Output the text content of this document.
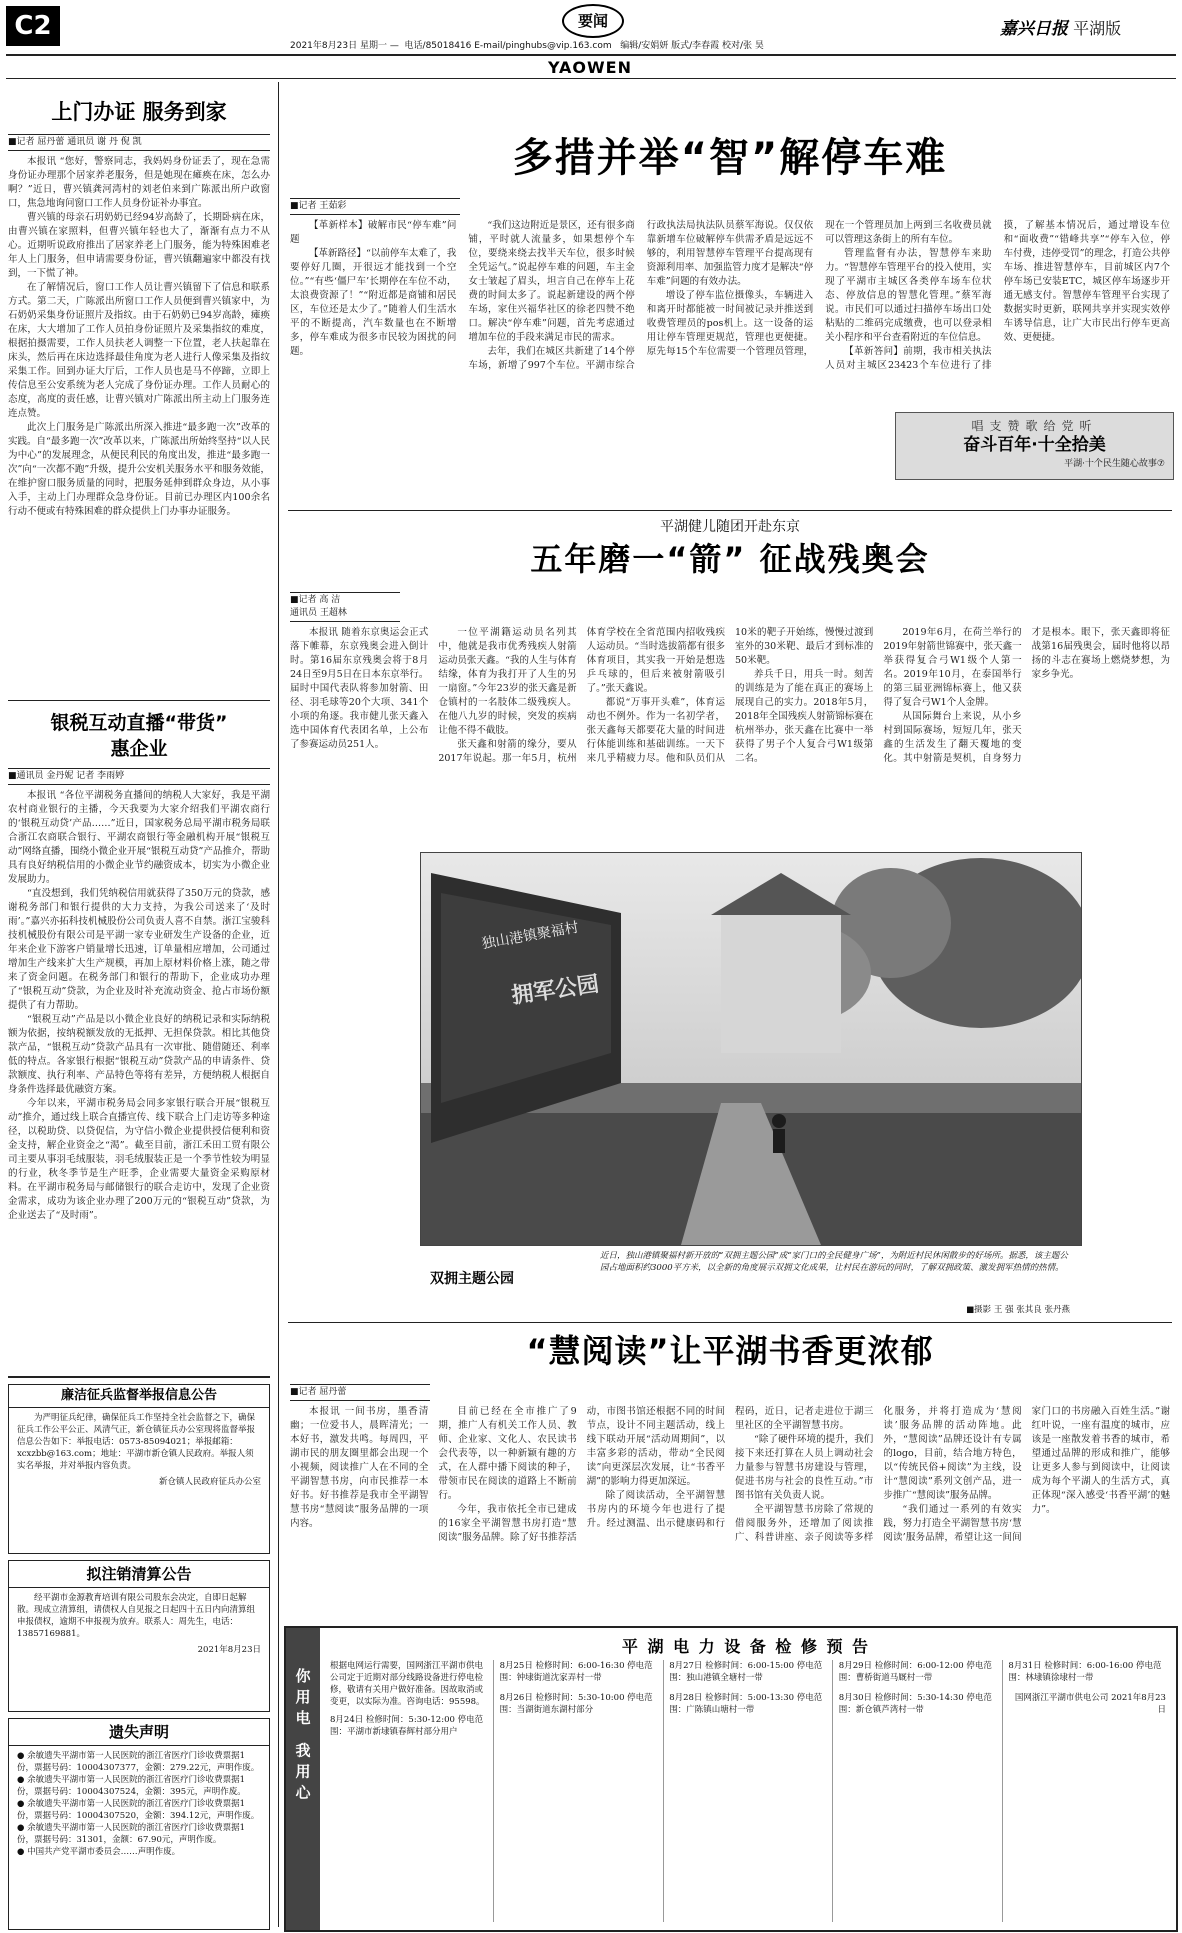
C2	要闻	嘉兴日报 平湖版
2021年8月23日 星期一 —  电话/85018416 E-mail/pinghubs@vip.163.com 编辑/安娟妍 版式/李春霞 校对/张 昊
YAOWEN
上门办证 服务到家
■记者 屈丹蕾 通讯员 谢 丹 倪 凯

本报讯 “您好，警察同志，我妈妈身份证丢了，现在急需身份证办理那个居家养老服务，但是她现在瘫痪在床，怎么办啊？”近日，曹兴镇龚河湾村的刘老伯来到广陈派出所户政窗口，焦急地询问窗口工作人员身份证补办事宜。

曹兴镇的母亲石玥奶奶已经94岁高龄了，长期卧病在床，由曹兴镇在家照料，但曹兴镇年轻也大了，渐渐有点力不从心。近期听说政府推出了居家养老上门服务，能为特殊困难老年人上门服务，但申请需要身份证，曹兴镇翻遍家中都没有找到，一下慌了神。

在了解情况后，窗口工作人员让曹兴镇留下了信息和联系方式。第二天，广陈派出所窗口工作人员便到曹兴镇家中，为石奶奶采集身份证照片及指纹。由于石奶奶已94岁高龄，瘫痪在床，大大增加了工作人员拍身份证照片及采集指纹的难度，根据拍摄需要，工作人员扶老人调整一下位置，老人扶起靠在床头，然后再在床边选择最佳角度为老人进行人像采集及指纹采集工作。回到办证大厅后，工作人员也是马不停蹄，立即上传信息至公安系统为老人完成了身份证办理。工作人员耐心的态度，高度的责任感，让曹兴镇对广陈派出所主动上门服务连连点赞。

此次上门服务是广陈派出所深入推进“最多跑一次”改革的实践。自“最多跑一次”改革以来，广陈派出所始终坚持“以人民为中心”的发展理念，从便民利民的角度出发，推进“最多跑一次”向“一次都不跑”升级，提升公安机关服务水平和服务效能，在维护窗口服务质量的同时，把服务延伸到群众身边，从小事入手，主动上门办理群众急身份证。目前已办理区内100余名行动不便或有特殊困难的群众提供上门办事办证服务。

银税互动直播“带货”
惠企业
■通讯员 金丹妮 记者 李雨婷

本报讯 “各位平湖税务直播间的纳税人大家好，我是平湖农村商业银行的主播，今天我要为大家介绍我们平湖农商行的‘银税互动贷’产品……”近日，国家税务总局平湖市税务局联合浙江农商联合银行、平湖农商银行等金融机构开展“银税互动”网络直播，围绕小微企业开展“银税互动贷”产品推介，帮助具有良好纳税信用的小微企业节约融资成本，切实为小微企业发展助力。

“直没想到，我们凭纳税信用就获得了350万元的贷款，感谢税务部门和银行提供的大力支持，为我公司送来了‘及时雨’。”嘉兴亦拓科技机械股份公司负责人喜不自禁。浙江宝骏科技机械股份有限公司是平湖一家专业研发生产设备的企业，近年来企业下游客户销量增长迅速，订单量相应增加，公司通过增加生产线来扩大生产规模，再加上原材料价格上涨，随之带来了资金问题。在税务部门和银行的帮助下，企业成功办理了“银税互动”贷款，为企业及时补充流动资金、抢占市场份额提供了有力帮助。

“银税互动”产品是以小微企业良好的纳税记录和实际纳税额为依据，按纳税额发放的无抵押、无担保贷款。相比其他贷款产品，“银税互动”贷款产品具有一次审批、随借随还、利率低的特点。各家银行根据“银税互动”贷款产品的申请条件、贷款额度、执行利率、产品特色等将有差异，方便纳税人根据自身条件选择最优融资方案。

今年以来，平湖市税务局会同多家银行联合开展“银税互动”推介，通过线上联合直播宣传、线下联合上门走访等多种途径，以税助贷、以贷促信，为守信小微企业提供授信便利和资金支持，解企业资金之“渴”。截至目前，浙江禾田工贸有限公司主要从事羽毛绒服装，羽毛绒服装正是一个季节性较为明显的行业，秋冬季节是生产旺季，企业需要大量资金采购原材料。在平湖市税务局与邮储银行的联合走访中，发现了企业资金需求，成功为该企业办理了200万元的“银税互动”贷款，为企业送去了“及时雨”。

廉洁征兵监督举报信息公告
为严明征兵纪律，确保征兵工作坚持全社会监督之下，确保征兵工作公平公正、风清气正，新仓镇征兵办公室现将监督举报信息公告如下：举报电话：0573-85094021；举报邮箱：xcxzbb@163.com；地址：平湖市新仓镇人民政府。举报人须实名举报，并对举报内容负责。
新仓镇人民政府征兵办公室
拟注销清算公告
经平湖市金源教育培训有限公司股东会决定，自即日起解散。现成立清算组，请债权人自见报之日起四十五日内向清算组申报债权，逾期不申报视为放弃。联系人：周先生，电话：13857169881。
2021年8月23日
遗失声明
● 余敏遗失平湖市第一人民医院的浙江省医疗门诊收费票据1份，票据号码：10004307377，金额：279.22元，声明作废。
● 余敏遗失平湖市第一人民医院的浙江省医疗门诊收费票据1份，票据号码：10004307524，金额：395元，声明作废。
● 余敏遗失平湖市第一人民医院的浙江省医疗门诊收费票据1份，票据号码：10004307520，金额：394.12元，声明作废。
● 余敏遗失平湖市第一人民医院的浙江省医疗门诊收费票据1份，票据号码：31301，金额：67.90元，声明作废。
● 中国共产党平湖市委员会……声明作废。
多措并举“智”解停车难
■记者 王茹彩

【革新样本】破解市民“停车难”问题

【革新路径】“以前停车太难了，我要停好几圈，开很远才能找到一个空位。”“有些‘僵尸车’长期停在车位不动，太浪费资源了！”“附近都是商铺和居民区，车位还是太少了。”随着人们生活水平的不断提高，汽车数量也在不断增多，停车难成为很多市民较为困扰的问题。

“我们这边附近是景区，还有很多商铺，平时就人流量多，如果想停个车位，要绕来绕去找半天车位，很多时候全凭运气。”说起停车难的问题，车主金女士皱起了眉头，坦言自己在停车上花费的时间太多了。说起新建设的两个停车场，家住兴福华社区的徐老四赞不绝口。解决“停车难”问题，首先考虑通过增加车位的手段来满足市民的需求。

去年，我们在城区共新建了14个停车场，新增了997个车位。平湖市综合行政执法局执法队员蔡军海说。仅仅依靠新增车位破解停车供需矛盾是远远不够的，利用智慧停车管理平台提高现有资源利用率、加强监管力度才是解决“停车难”问题的有效办法。

增设了停车监位摄像头，车辆进入和离开时都能被一时间被记录并推送到收费管理员的pos机上。这一设备的运用让停车管理更规范，管理也更便捷。原先每15个车位需要一个管理员管理，现在一个管理员加上两到三名收费员就可以管理这条街上的所有车位。

管理监督有办法，智慧停车来助力。“智慧停车管理平台的投入使用，实现了平湖市主城区各类停车场车位状态、停放信息的智慧化管理。”蔡军海说。市民们可以通过扫描停车场出口处粘贴的二维码完成缴费，也可以登录相关小程序和平台查看附近的车位信息。

【革新答问】前期，我市相关执法人员对主城区23423个车位进行了排摸，了解基本情况后，通过增设车位和“面收费”“错峰共享”“停车入位，停车付费，违停受罚”的理念，打造公共停车场、推进智慧停车，目前城区内7个停车场已安装ETC，城区停车场逐步开通无感支付。智慧停车管理平台实现了数据实时更新，联网共享并实现实效停车诱导信息，让广大市民出行停车更高效、更便捷。

唱支赞歌给党听
奋斗百年·十全拾美
平湖·十个民生随心故事⑦
平湖健儿随团开赴东京
五年磨一“箭” 征战残奥会
■记者 高 洁
通讯员 王超林

本报讯 随着东京奥运会正式落下帷幕，东京残奥会进入倒计时。第16届东京残奥会将于8月24日至9月5日在日本东京举行。届时中国代表队将参加射箭、田径、羽毛球等20个大项、341个小项的角逐。我市健儿张天鑫入选中国体育代表团名单，上公布了参赛运动员251人。

一位平湖籍运动员名列其中，他就是我市优秀残疾人射箭运动员张天鑫。“我的人生与体育结缘，体育为我打开了人生的另一扇窗。”今年23岁的张天鑫是新仓镇村的一名肢体二级残疾人。在他八九岁的时候，突发的疾病让他不得不截肢。

张天鑫和射箭的缘分，要从2017年说起。那一年5月，杭州体育学校在全省范围内招收残疾人运动员。“当时选拔箭都有很多体育项目，其实我一开始是想选乒乓球的，但后来被射箭吸引了。”张天鑫说。

都说“万事开头难”，体育运动也不例外。作为一名初学者，张天鑫每天都要花大量的时间进行体能训练和基础训练。一天下来几乎精疲力尽。他和队员们从10米的靶子开始练，慢慢过渡到室外的30米靶、最后才到标准的50米靶。

养兵千日，用兵一时。刻苦的训练是为了能在真正的赛场上展现自己的实力。2018年5月，2018年全国残疾人射箭锦标赛在杭州举办，张天鑫在比赛中一举获得了男子个人复合弓W1级第二名。

2019年6月，在荷兰举行的2019年射箭世锦赛中，张天鑫一举获得复合弓W1级个人第一名。2019年10月，在泰国举行的第三届亚洲锦标赛上，他又获得了复合弓W1个人金牌。

从国际舞台上来说，从小乡村到国际赛场，短短几年，张天鑫的生活发生了翻天覆地的变化。其中射箭是契机，自身努力才是根本。眼下，张天鑫即将征战第16届残奥会，届时他将以昂扬的斗志在赛场上燃烧梦想，为家乡争光。

独山港镇聚福村
拥军公园
双拥主题公园
近日，独山港镇聚福村新开放的“双拥主题公园”成“家门口的全民健身广场”，为附近村民休闲散步的好场所。据悉，该主题公园占地面积约3000平方米，以全新的角度展示双拥文化成果，让村民在游玩的同时，了解双拥政策、激发拥军热情的热情。
■摄影 王 强 张其良 张丹燕
“慧阅读”让平湖书香更浓郁
■记者 屈丹蕾

本报讯 一间书房，墨香清幽；一位爱书人，晨晖清光；一本好书，激发共鸣。每周四，平湖市民的朋友圈里都会出现一个小视频，阅读推广人在不同的全平湖智慧书房，向市民推荐一本好书。好书推荐是我市全平湖智慧书房“慧阅读”服务品牌的一项内容。

目前已经在全市推广了9期，推广人有机关工作人员、教师、企业家、文化人、农民读书会代表等，以一种新颖有趣的方式，在人群中播下阅读的种子，带领市民在阅读的道路上不断前行。

今年，我市依托全市已建成的16家全平湖智慧书房打造“慧阅读”服务品牌。除了好书推荐活动，市图书馆还根据不同的时间节点，设计不同主题活动，线上线下联动开展“活动周期间”，以丰富多彩的活动，带动“全民阅读”向更深层次发展，让“书香平湖”的影响力得更加深远。

除了阅读活动，全平湖智慧书房内的环境今年也进行了提升。经过测温、出示健康码和行程码，近日，记者走进位于湖三里社区的全平湖智慧书房。

“除了硬件环境的提升，我们接下来还打算在人员上调动社会力量参与智慧书房建设与管理，促进书房与社会的良性互动。”市图书馆有关负责人说。

全平湖智慧书房除了常规的借阅服务外，还增加了阅读推广、科普讲座、亲子阅读等多样化服务，并将打造成为‘慧阅读’服务品牌的活动阵地。此外，“慧阅读”品牌还设计有专属的logo，目前，结合地方特色，以“传统民俗+阅读”为主线，设计“慧阅读”系列文创产品，进一步推广“慧阅读”服务品牌。

“我们通过一系列的有效实践，努力打造全平湖智慧书房‘慧阅读’服务品牌，希望让这一间间家门口的书房融入百姓生活。”谢红叶说，一座有温度的城市，应该是一座散发着书香的城市，希望通过品牌的形成和推广，能够让更多人参与到阅读中，让阅读成为每个平湖人的生活方式，真正体现“深入感受‘书香平湖’的魅力”。

你用电 我用心
平 湖 电 力 设 备 检 修 预 告
根据电网运行需要，国网浙江平湖市供电公司定于近期对部分线路设备进行停电检修，敬请有关用户做好准备。因故取消或变更，以实际为准。咨询电话：95598。
8月24日 检修时间：5:30-12:00 停电范围：平湖市新埭镇春辉村部分用户
8月25日 检修时间：6:00-16:30 停电范围：钟埭街道沈家弄村一带
8月26日 检修时间：5:30-10:00 停电范围：当湖街道东湖村部分
8月27日 检修时间：6:00-15:00 停电范围：独山港镇全塘村一带
8月28日 检修时间：5:00-13:30 停电范围：广陈镇山塘村一带
8月29日 检修时间：6:00-12:00 停电范围：曹桥街道马厩村一带
8月30日 检修时间：5:30-14:30 停电范围：新仓镇芦湾村一带
8月31日 检修时间：6:00-16:00 停电范围：林埭镇徐埭村一带
国网浙江平湖市供电公司 2021年8月23日
